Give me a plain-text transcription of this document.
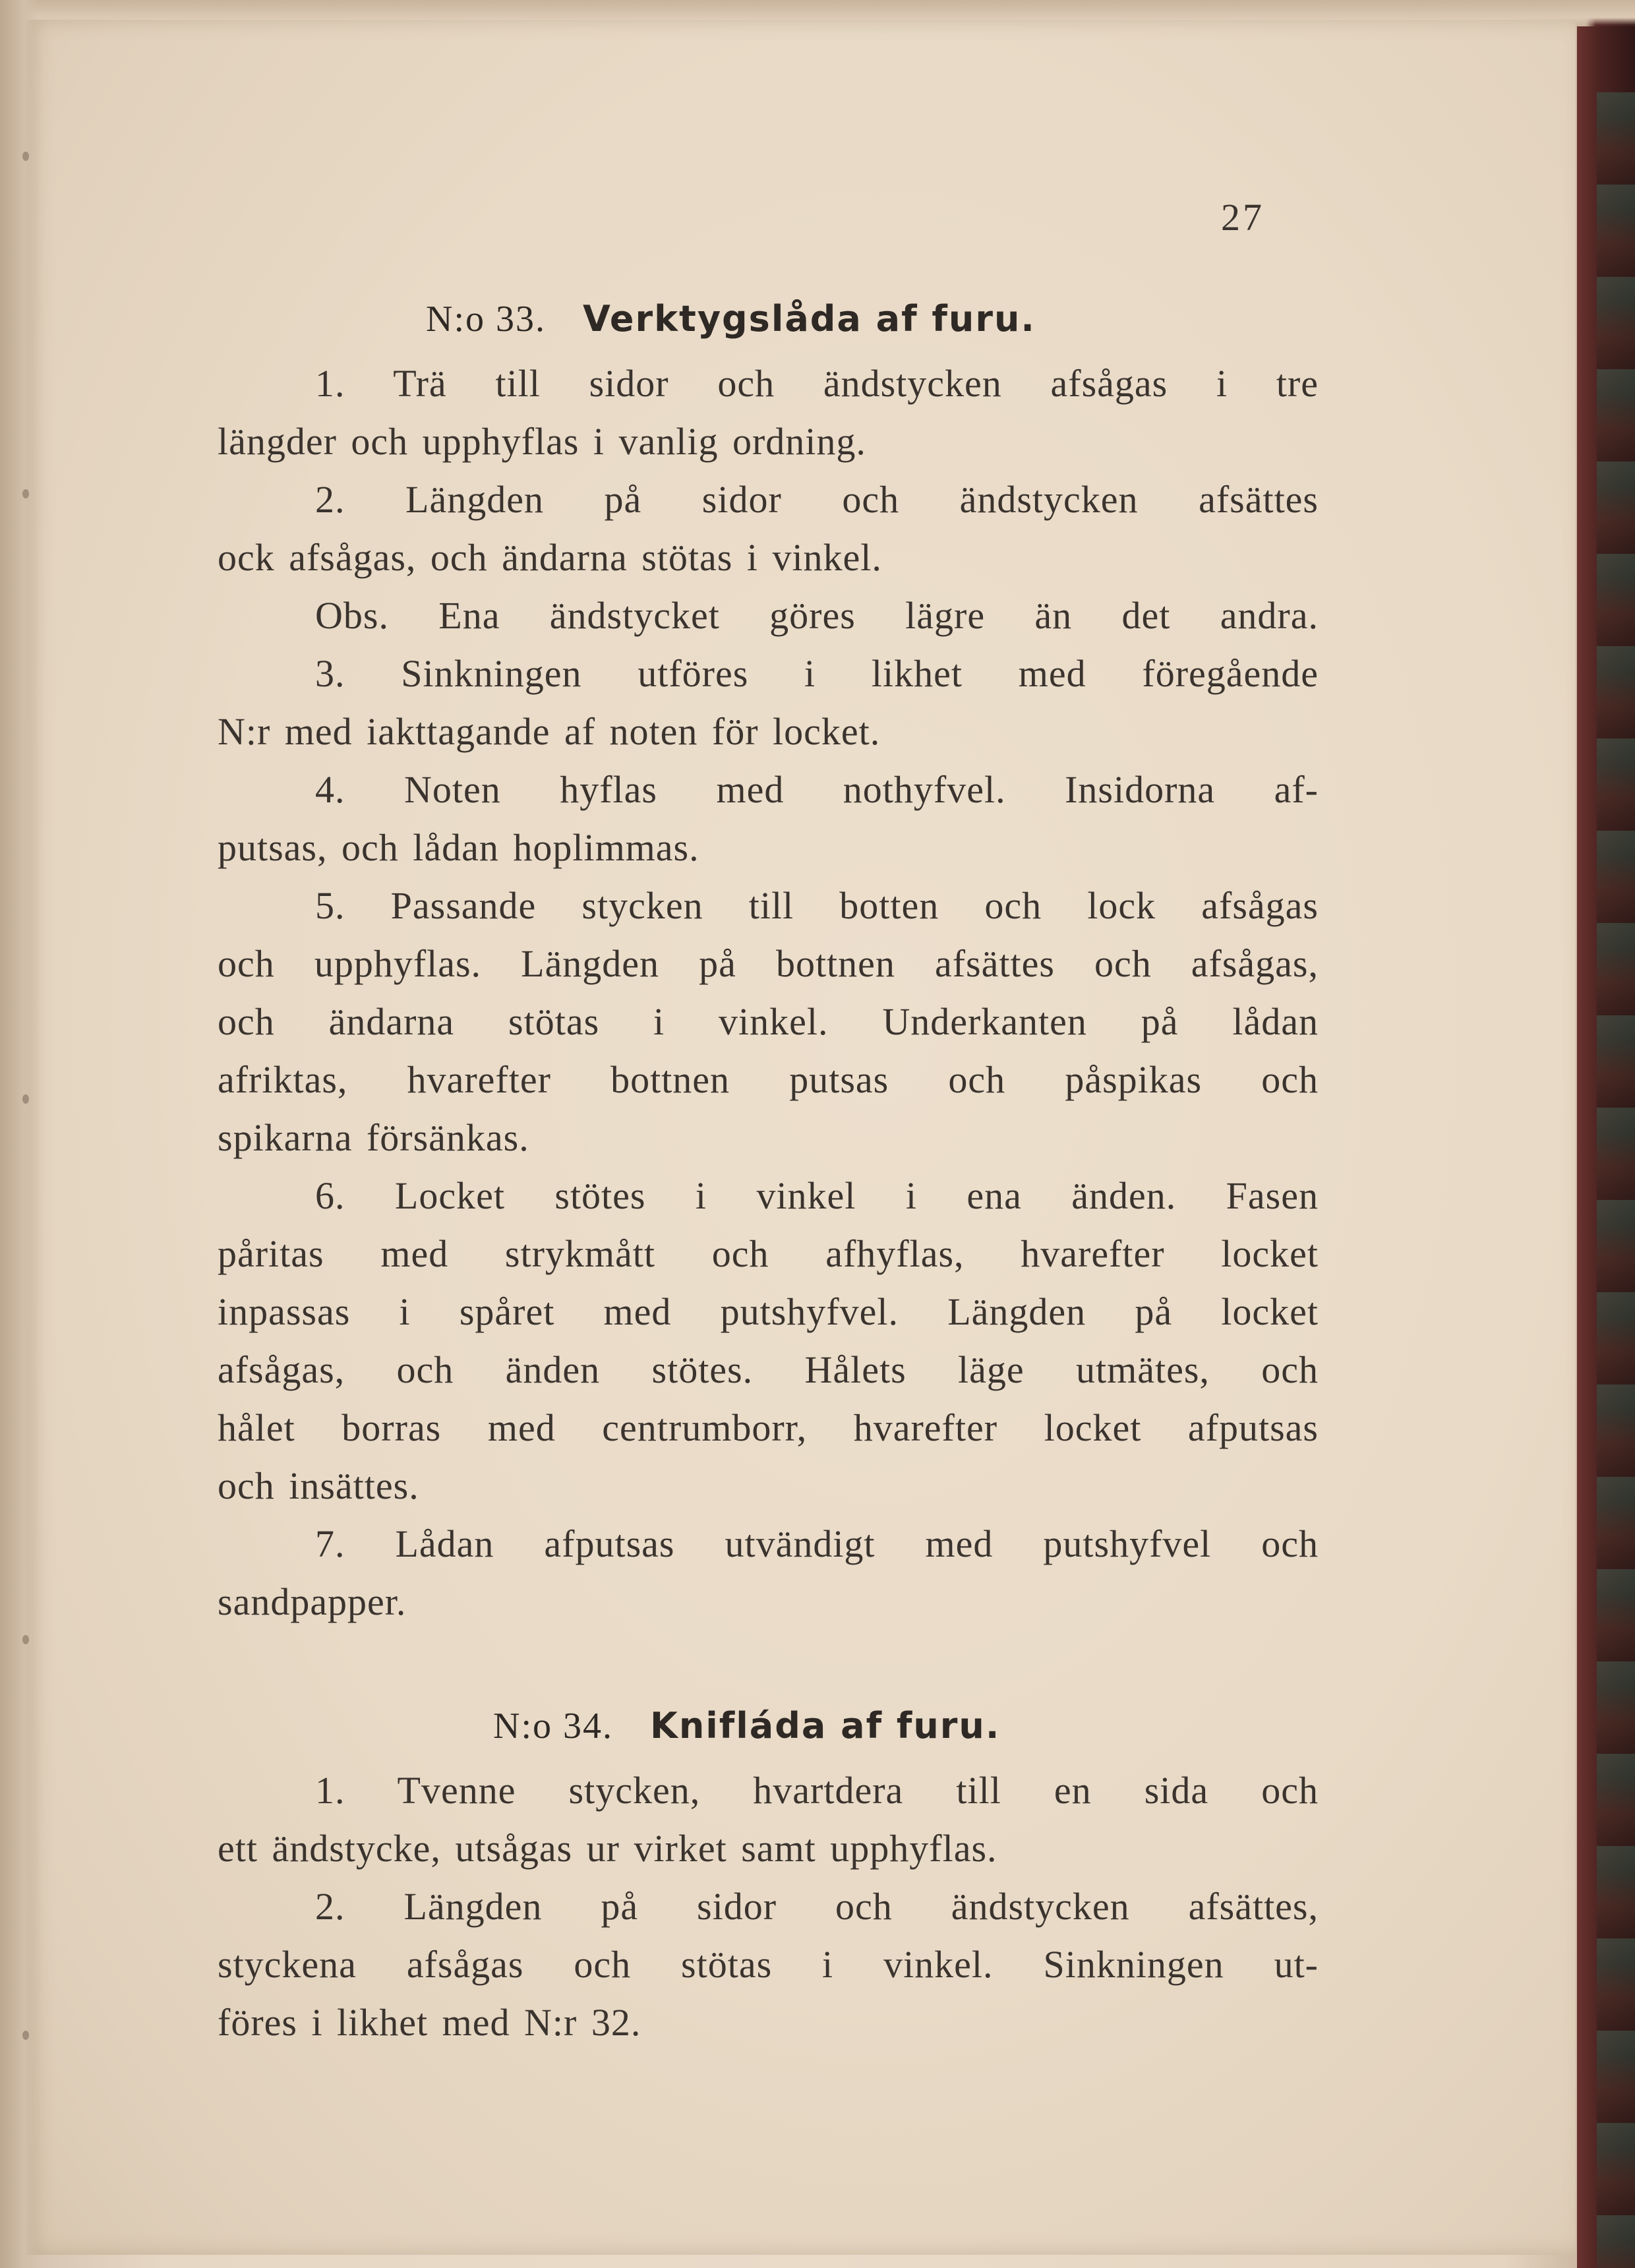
27
N:o 33. Verktygslåda af furu.
1. Trä till sidor och ändstycken afsågas i tre
längder och upphyflas i vanlig ordning.
2. Längden på sidor och ändstycken afsättes
ock afsågas, och ändarna stötas i vinkel.
Obs. Ena ändstycket göres lägre än det andra.
3. Sinkningen utföres i likhet med föregående
N:r med iakttagande af noten för locket.
4. Noten hyflas med nothyfvel. Insidorna af-
putsas, och lådan hoplimmas.
5. Passande stycken till botten och lock afsågas
och upphyflas. Längden på bottnen afsättes och afsågas,
och ändarna stötas i vinkel. Underkanten på lådan
afriktas, hvarefter bottnen putsas och påspikas och
spikarna försänkas.
6. Locket stötes i vinkel i ena änden. Fasen
påritas med strykmått och afhyflas, hvarefter locket
inpassas i spåret med putshyfvel. Längden på locket
afsågas, och änden stötes. Hålets läge utmätes, och
hålet borras med centrumborr, hvarefter locket afputsas
och insättes.
7. Lådan afputsas utvändigt med putshyfvel och
sandpapper.
N:o 34. Knifláda af furu.
1. Tvenne stycken, hvartdera till en sida och
ett ändstycke, utsågas ur virket samt upphyflas.
2. Längden på sidor och ändstycken afsättes,
styckena afsågas och stötas i vinkel. Sinkningen ut-
föres i likhet med N:r 32.
